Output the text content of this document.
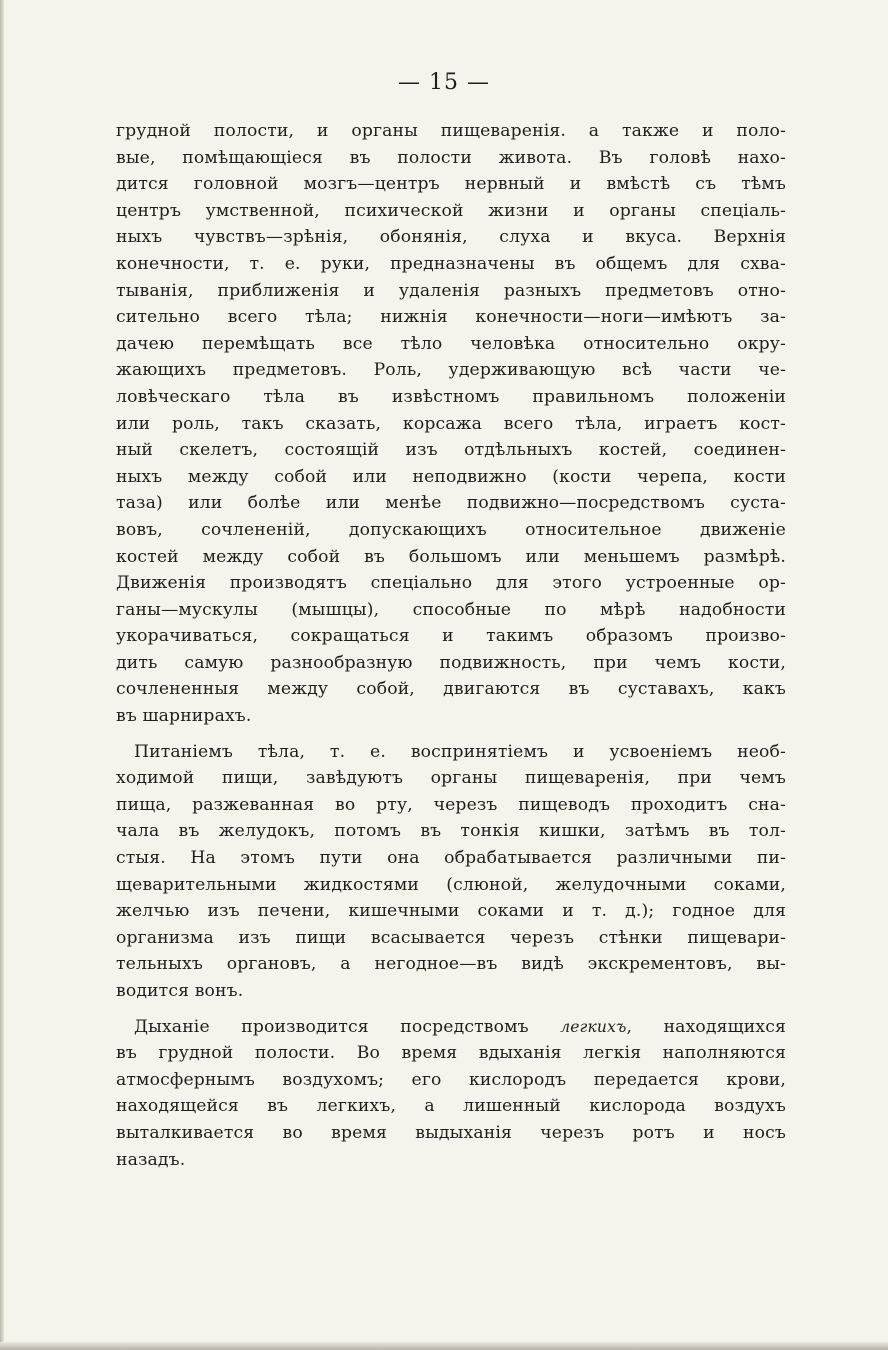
— 15 —
грудной полости, и органы пищеваренія. а также и поло-
выe, помѣщающіеся въ полости живота. Въ головѣ нахо-
дится головной мозгъ—центръ нервный и вмѣстѣ съ тѣмъ
центръ умственной, психической жизни и органы спеціаль-
ныхъ чувствъ—зрѣнія, обонянія, слуха и вкуса. Верхнія
конечности, т. е. руки, предназначены въ общемъ для схва-
тыванія, приближенія и удаленія разныхъ предметовъ отно-
сительно всего тѣла; нижнія конечности—ноги—имѣютъ за-
дачею перемѣщать все тѣло человѣка относительно окру-
жающихъ предметовъ. Роль, удерживающую всѣ части че-
ловѣческаго тѣла въ извѣстномъ правильномъ положеніи
или роль, такъ сказать, корсажа всего тѣла, играетъ кост-
ный скелетъ, состоящій изъ отдѣльныхъ костей, соединен-
ныхъ между собой или неподвижно (кости черепа, кости
таза) или болѣе или менѣе подвижно—посредствомъ суста-
вовъ, сочлененій, допускающихъ относительное движеніе
костей между собой въ большомъ или меньшемъ размѣрѣ.
Движенія производятъ спеціально для этого устроенные ор-
ганы—мускулы (мышцы), способные по мѣрѣ надобности
укорачиваться, сокращаться и такимъ образомъ произво-
дить самую разнообразную подвижность, при чемъ кости,
сочлененныя между собой, двигаются въ суставахъ, какъ
въ шарнирахъ.
Питаніемъ тѣла, т. е. воспринятіемъ и усвоеніемъ необ-
ходимой пищи, завѣдуютъ органы пищеваренія, при чемъ
пища, разжеванная во рту, черезъ пищеводъ проходитъ сна-
чала въ желудокъ, потомъ въ тонкія кишки, затѣмъ въ тол-
стыя. На этомъ пути она обрабатывается различными пи-
щеварительными жидкостями (слюной, желудочными соками,
желчью изъ печени, кишечными соками и т. д.); годное для
организма изъ пищи всасывается черезъ стѣнки пищевари-
тельныхъ органовъ, а негодное—въ видѣ экскрементовъ, вы-
водится вонъ.
Дыханіе производится посредствомъ легкихъ, находящихся
въ грудной полости. Во время вдыханія легкія наполняются
атмосфернымъ воздухомъ; его кислородъ передается крови,
находящейся въ легкихъ, а лишенный кислорода воздухъ
выталкивается во время выдыханія черезъ ротъ и носъ
назадъ.
